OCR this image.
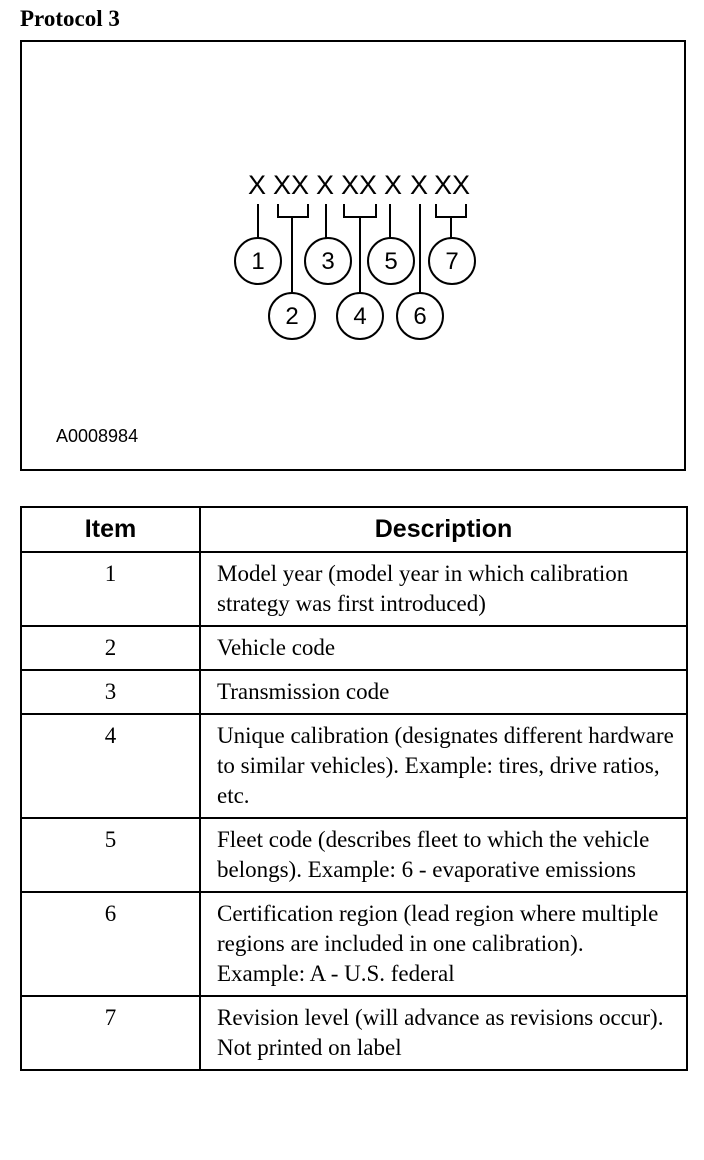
Protocol 3
X XX X XX X X XX
1
2
3
4
5
6
7
A0008984
Item	Description
1	Model year (model year in which calibration strategy was first introduced)
2	Vehicle code
3	Transmission code
4	Unique calibration (designates different hardware to similar vehicles). Example: tires, drive ratios, etc.
5	Fleet code (describes fleet to which the vehicle belongs). Example: 6 - evaporative emissions
6	Certification region (lead region where multiple regions are included in one calibration). Example: A - U.S. federal
7	Revision level (will advance as revisions occur). Not printed on label
